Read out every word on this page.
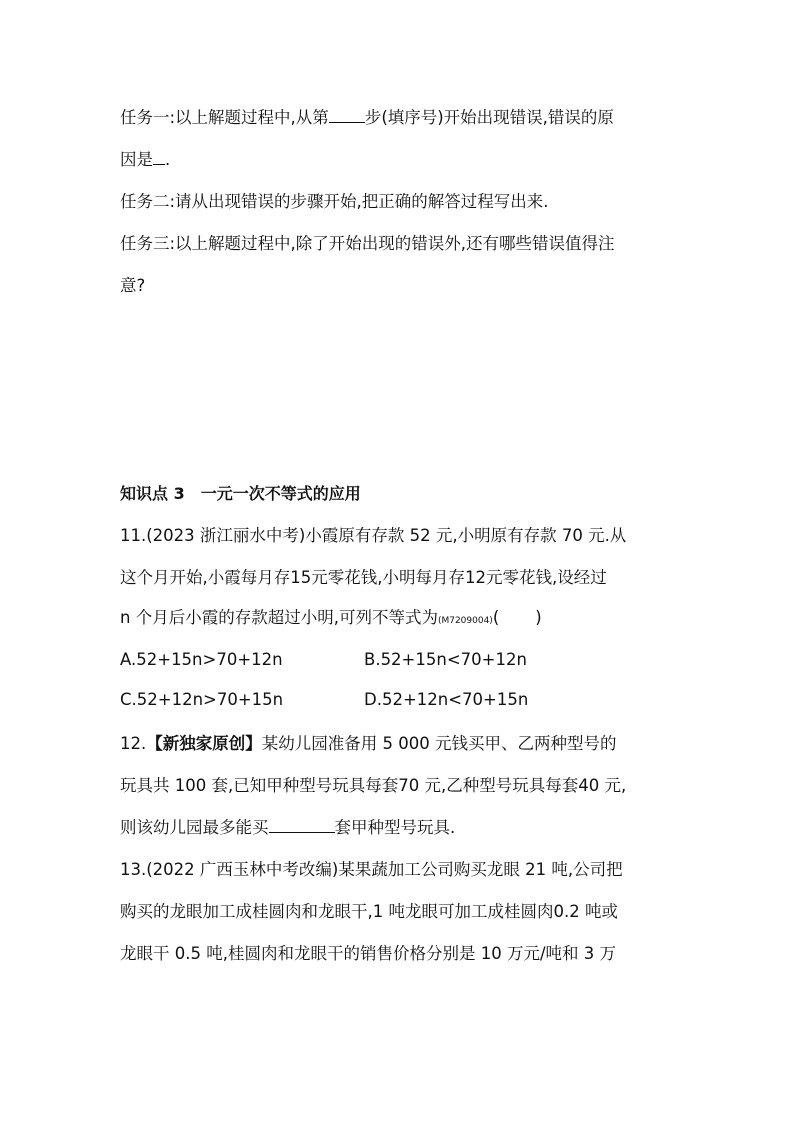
任务一:以上解题过程中,从第 步(填序号)开始出现错误,错误的原
因是 .
任务二:请从出现错误的步骤开始,把正确的解答过程写出来.
任务三:以上解题过程中,除了开始出现的错误外,还有哪些错误值得注
意?
知识点 3　一元一次不等式的应用
11.(2023 浙江丽水中考)小霞原有存款 52 元,小明原有存款 70 元.从
这个月开始,小霞每月存15元零花钱,小明每月存12元零花钱,设经过
n 个月后小霞的存款超过小明,可列不等式为(M7209004)( )
A.52+15n>70+12n	B.52+15n<70+12n
C.52+12n>70+15n	D.52+12n<70+15n
12.【新独家原创】某幼儿园准备用 5 000 元钱买甲、乙两种型号的
玩具共 100 套,已知甲种型号玩具每套70 元,乙种型号玩具每套40 元,
则该幼儿园最多能买	套甲种型号玩具.
13.(2022 广西玉林中考改编)某果蔬加工公司购买龙眼 21 吨,公司把
购买的龙眼加工成桂圆肉和龙眼干,1 吨龙眼可加工成桂圆肉0.2 吨或
龙眼干 0.5 吨,桂圆肉和龙眼干的销售价格分别是 10 万元/吨和 3 万
